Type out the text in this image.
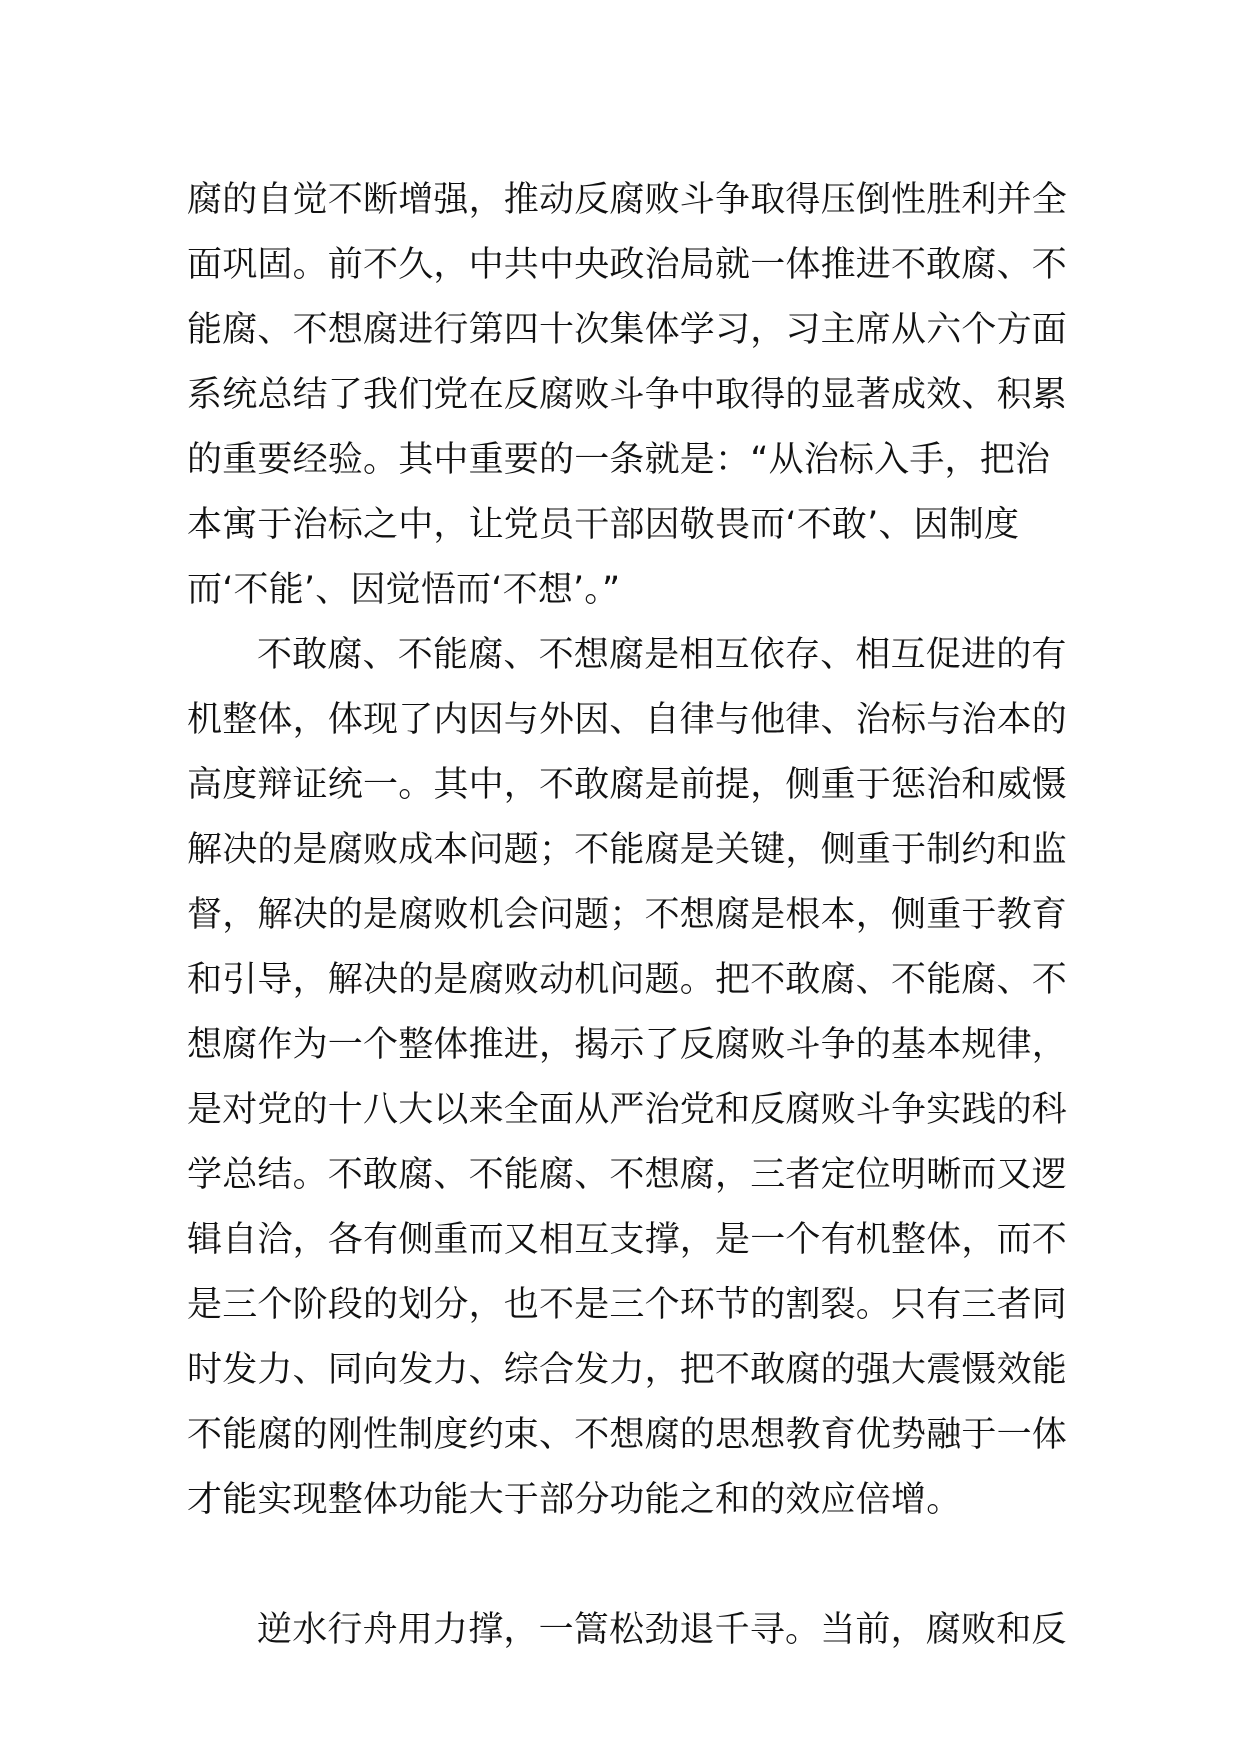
腐的自觉不断增强，推动反腐败斗争取得压倒性胜利并全
面巩固。前不久，中共中央政治局就一体推进不敢腐、不
能腐、不想腐进行第四十次集体学习，习主席从六个方面
系统总结了我们党在反腐败斗争中取得的显著成效、积累
的重要经验。其中重要的一条就是：“从治标入手，把治
本寓于治标之中，让党员干部因敬畏而‘不敢’、因制度
而‘不能’、因觉悟而‘不想’。”
不敢腐、不能腐、不想腐是相互依存、相互促进的有
机整体，体现了内因与外因、自律与他律、治标与治本的
高度辩证统一。其中，不敢腐是前提，侧重于惩治和威慑
解决的是腐败成本问题；不能腐是关键，侧重于制约和监
督，解决的是腐败机会问题；不想腐是根本，侧重于教育
和引导，解决的是腐败动机问题。把不敢腐、不能腐、不
想腐作为一个整体推进，揭示了反腐败斗争的基本规律，
是对党的十八大以来全面从严治党和反腐败斗争实践的科
学总结。不敢腐、不能腐、不想腐，三者定位明晰而又逻
辑自洽，各有侧重而又相互支撑，是一个有机整体，而不
是三个阶段的划分，也不是三个环节的割裂。只有三者同
时发力、同向发力、综合发力，把不敢腐的强大震慑效能
不能腐的刚性制度约束、不想腐的思想教育优势融于一体
才能实现整体功能大于部分功能之和的效应倍增。
逆水行舟用力撑，一篙松劲退千寻。当前，腐败和反
